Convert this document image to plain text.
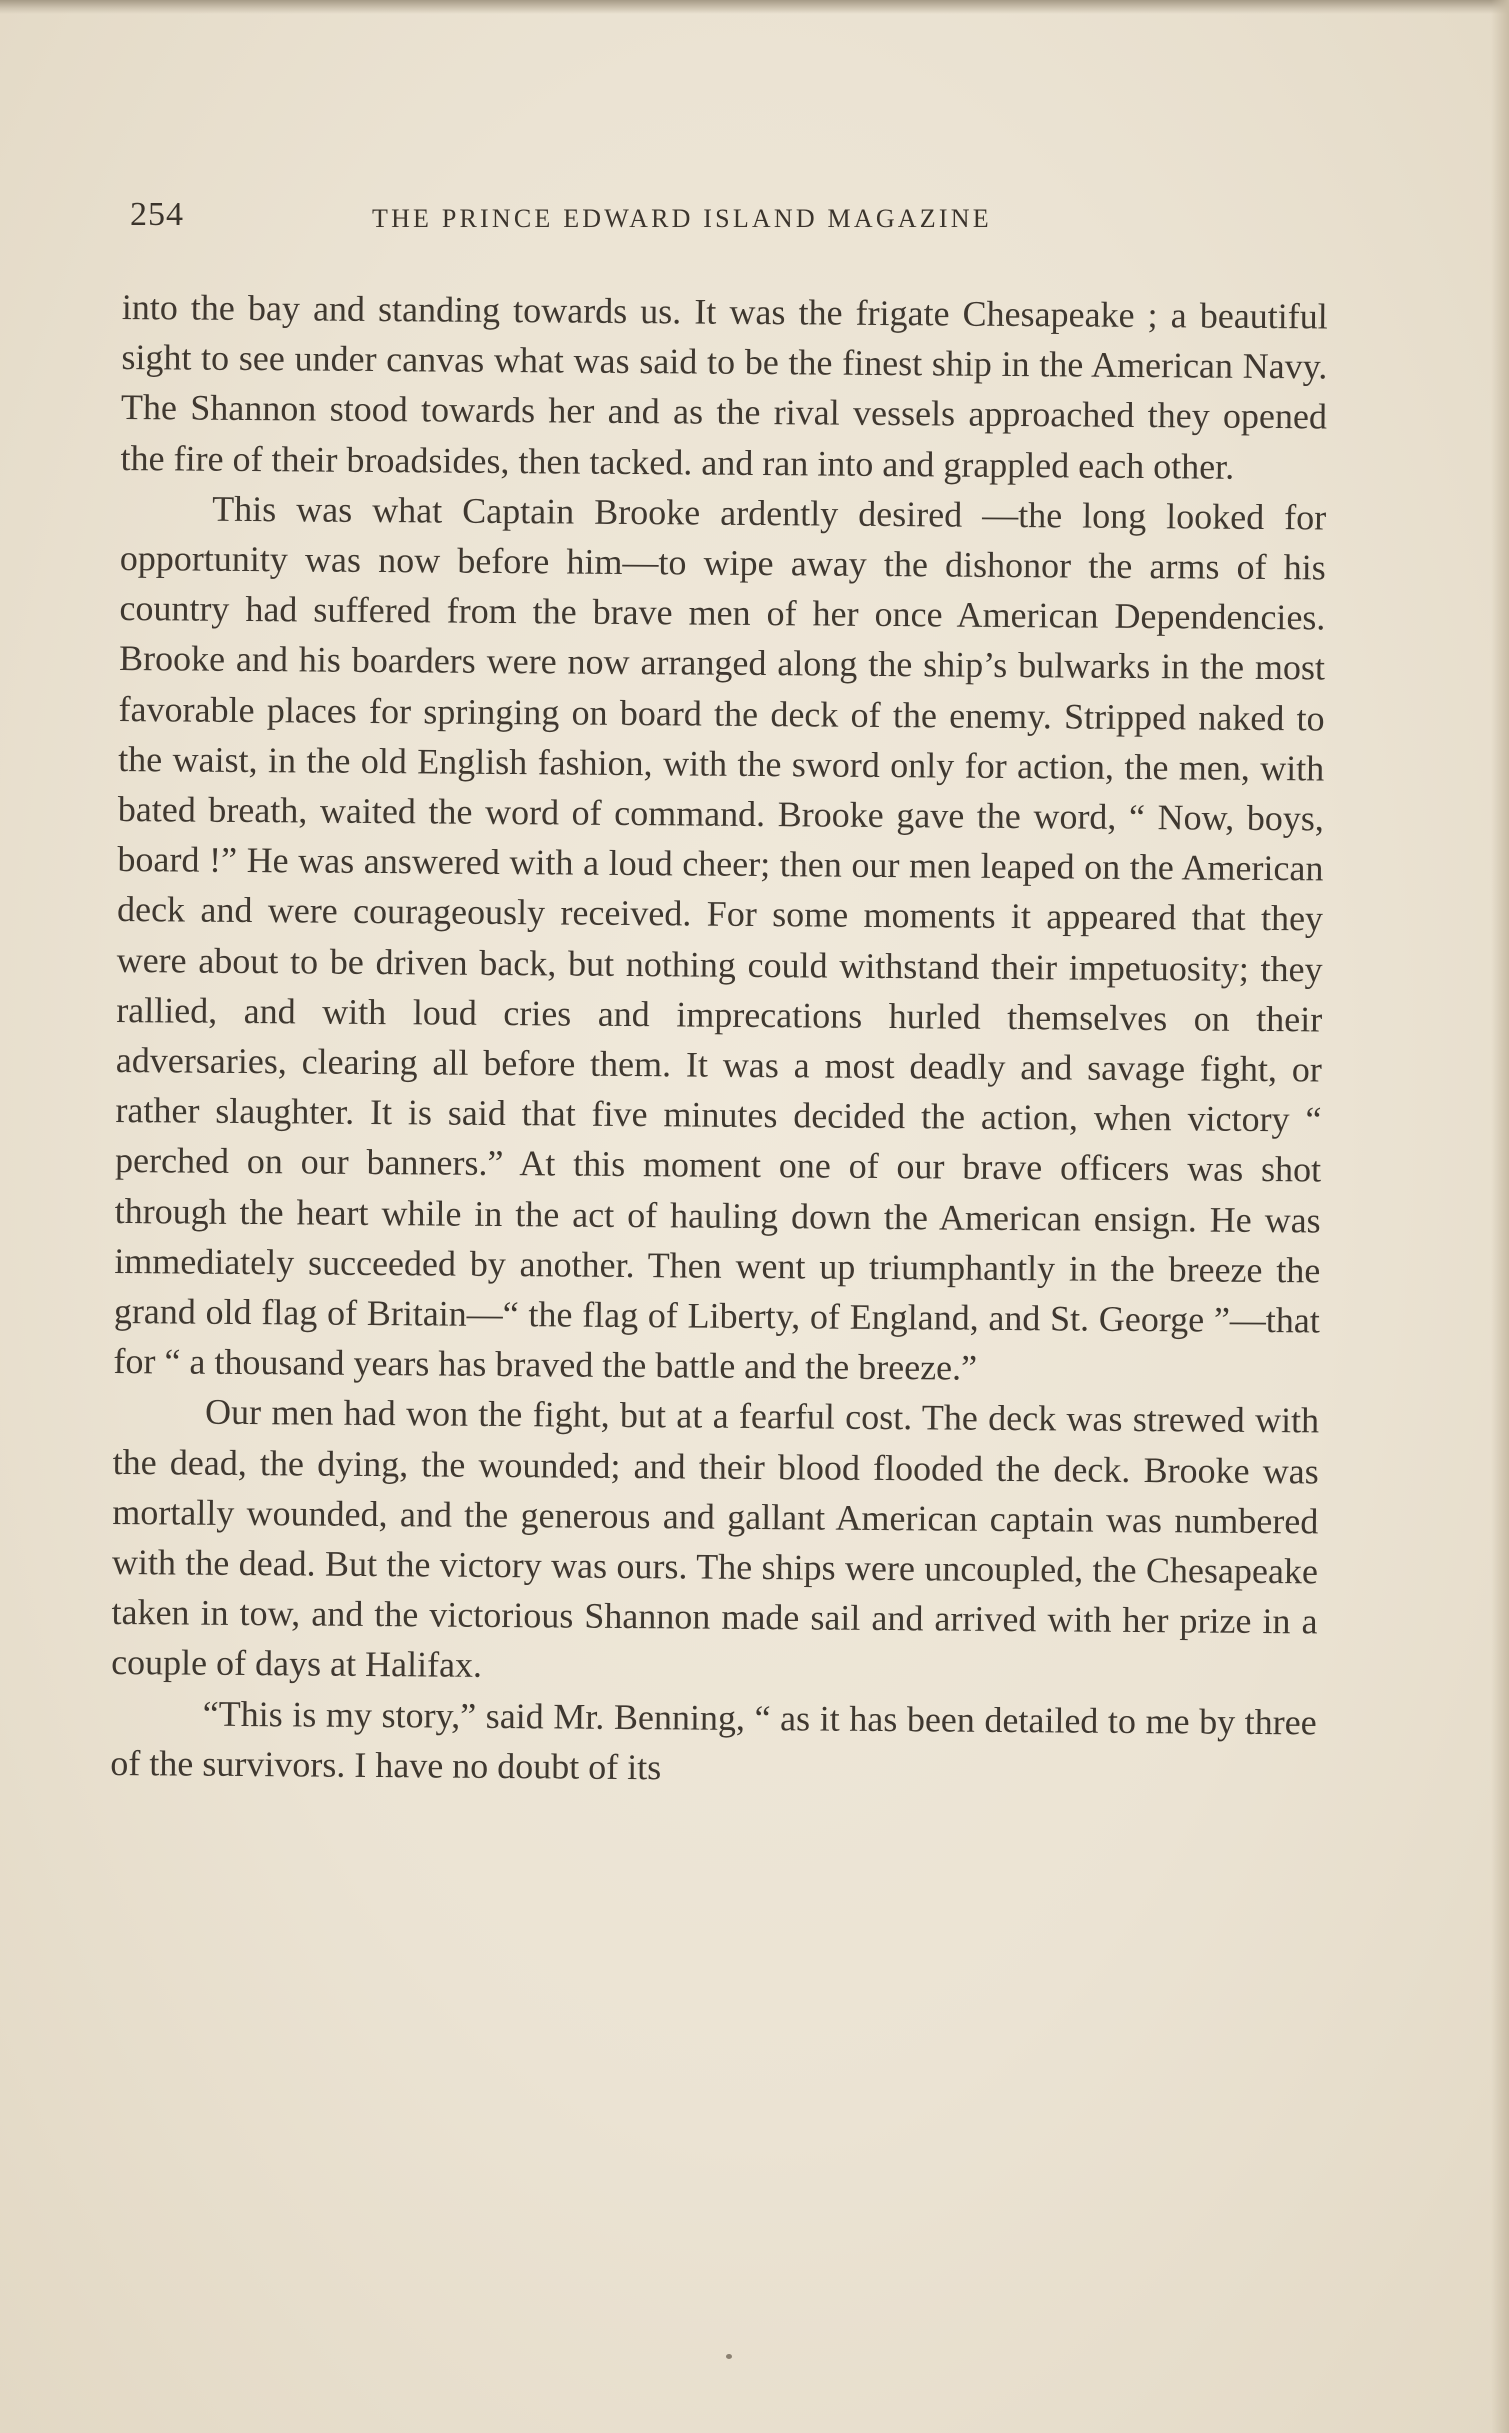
254	THE PRINCE EDWARD ISLAND MAGAZINE

into the bay and standing towards us. It was the frigate Chesapeake ; a beautiful sight to see under canvas what was said to be the finest ship in the American Navy. The Shannon stood towards her and as the rival vessels approached they opened the fire of their broadsides, then tacked. and ran into and grappled each other.

This was what Captain Brooke ardently desired —the long looked for opportunity was now before him—to wipe away the dishonor the arms of his country had suffered from the brave men of her once American Dependencies. Brooke and his boarders were now arranged along the ship’s bulwarks in the most favorable places for springing on board the deck of the enemy. Stripped naked to the waist, in the old English fashion, with the sword only for action, the men, with bated breath, waited the word of command. Brooke gave the word, “ Now, boys, board !” He was answered with a loud cheer; then our men leaped on the American deck and were courageously received. For some moments it appeared that they were about to be driven back, but nothing could withstand their impetuosity; they rallied, and with loud cries and imprecations hurled themselves on their adversaries, clearing all before them. It was a most deadly and savage fight, or rather slaughter. It is said that five minutes decided the action, when victory “ perched on our banners.” At this moment one of our brave officers was shot through the heart while in the act of hauling down the American ensign. He was immediately succeeded by another. Then went up triumphantly in the breeze the grand old flag of Britain—“ the flag of Liberty, of England, and St. George ”—that for “ a thousand years has braved the battle and the breeze.”

Our men had won the fight, but at a fearful cost. The deck was strewed with the dead, the dying, the wounded; and their blood flooded the deck. Brooke was mortally wounded, and the generous and gallant American captain was numbered with the dead. But the victory was ours. The ships were uncoupled, the Chesapeake taken in tow, and the victorious Shannon made sail and arrived with her prize in a couple of days at Halifax.

“This is my story,” said Mr. Benning, “ as it has been detailed to me by three of the survivors. I have no doubt of its
